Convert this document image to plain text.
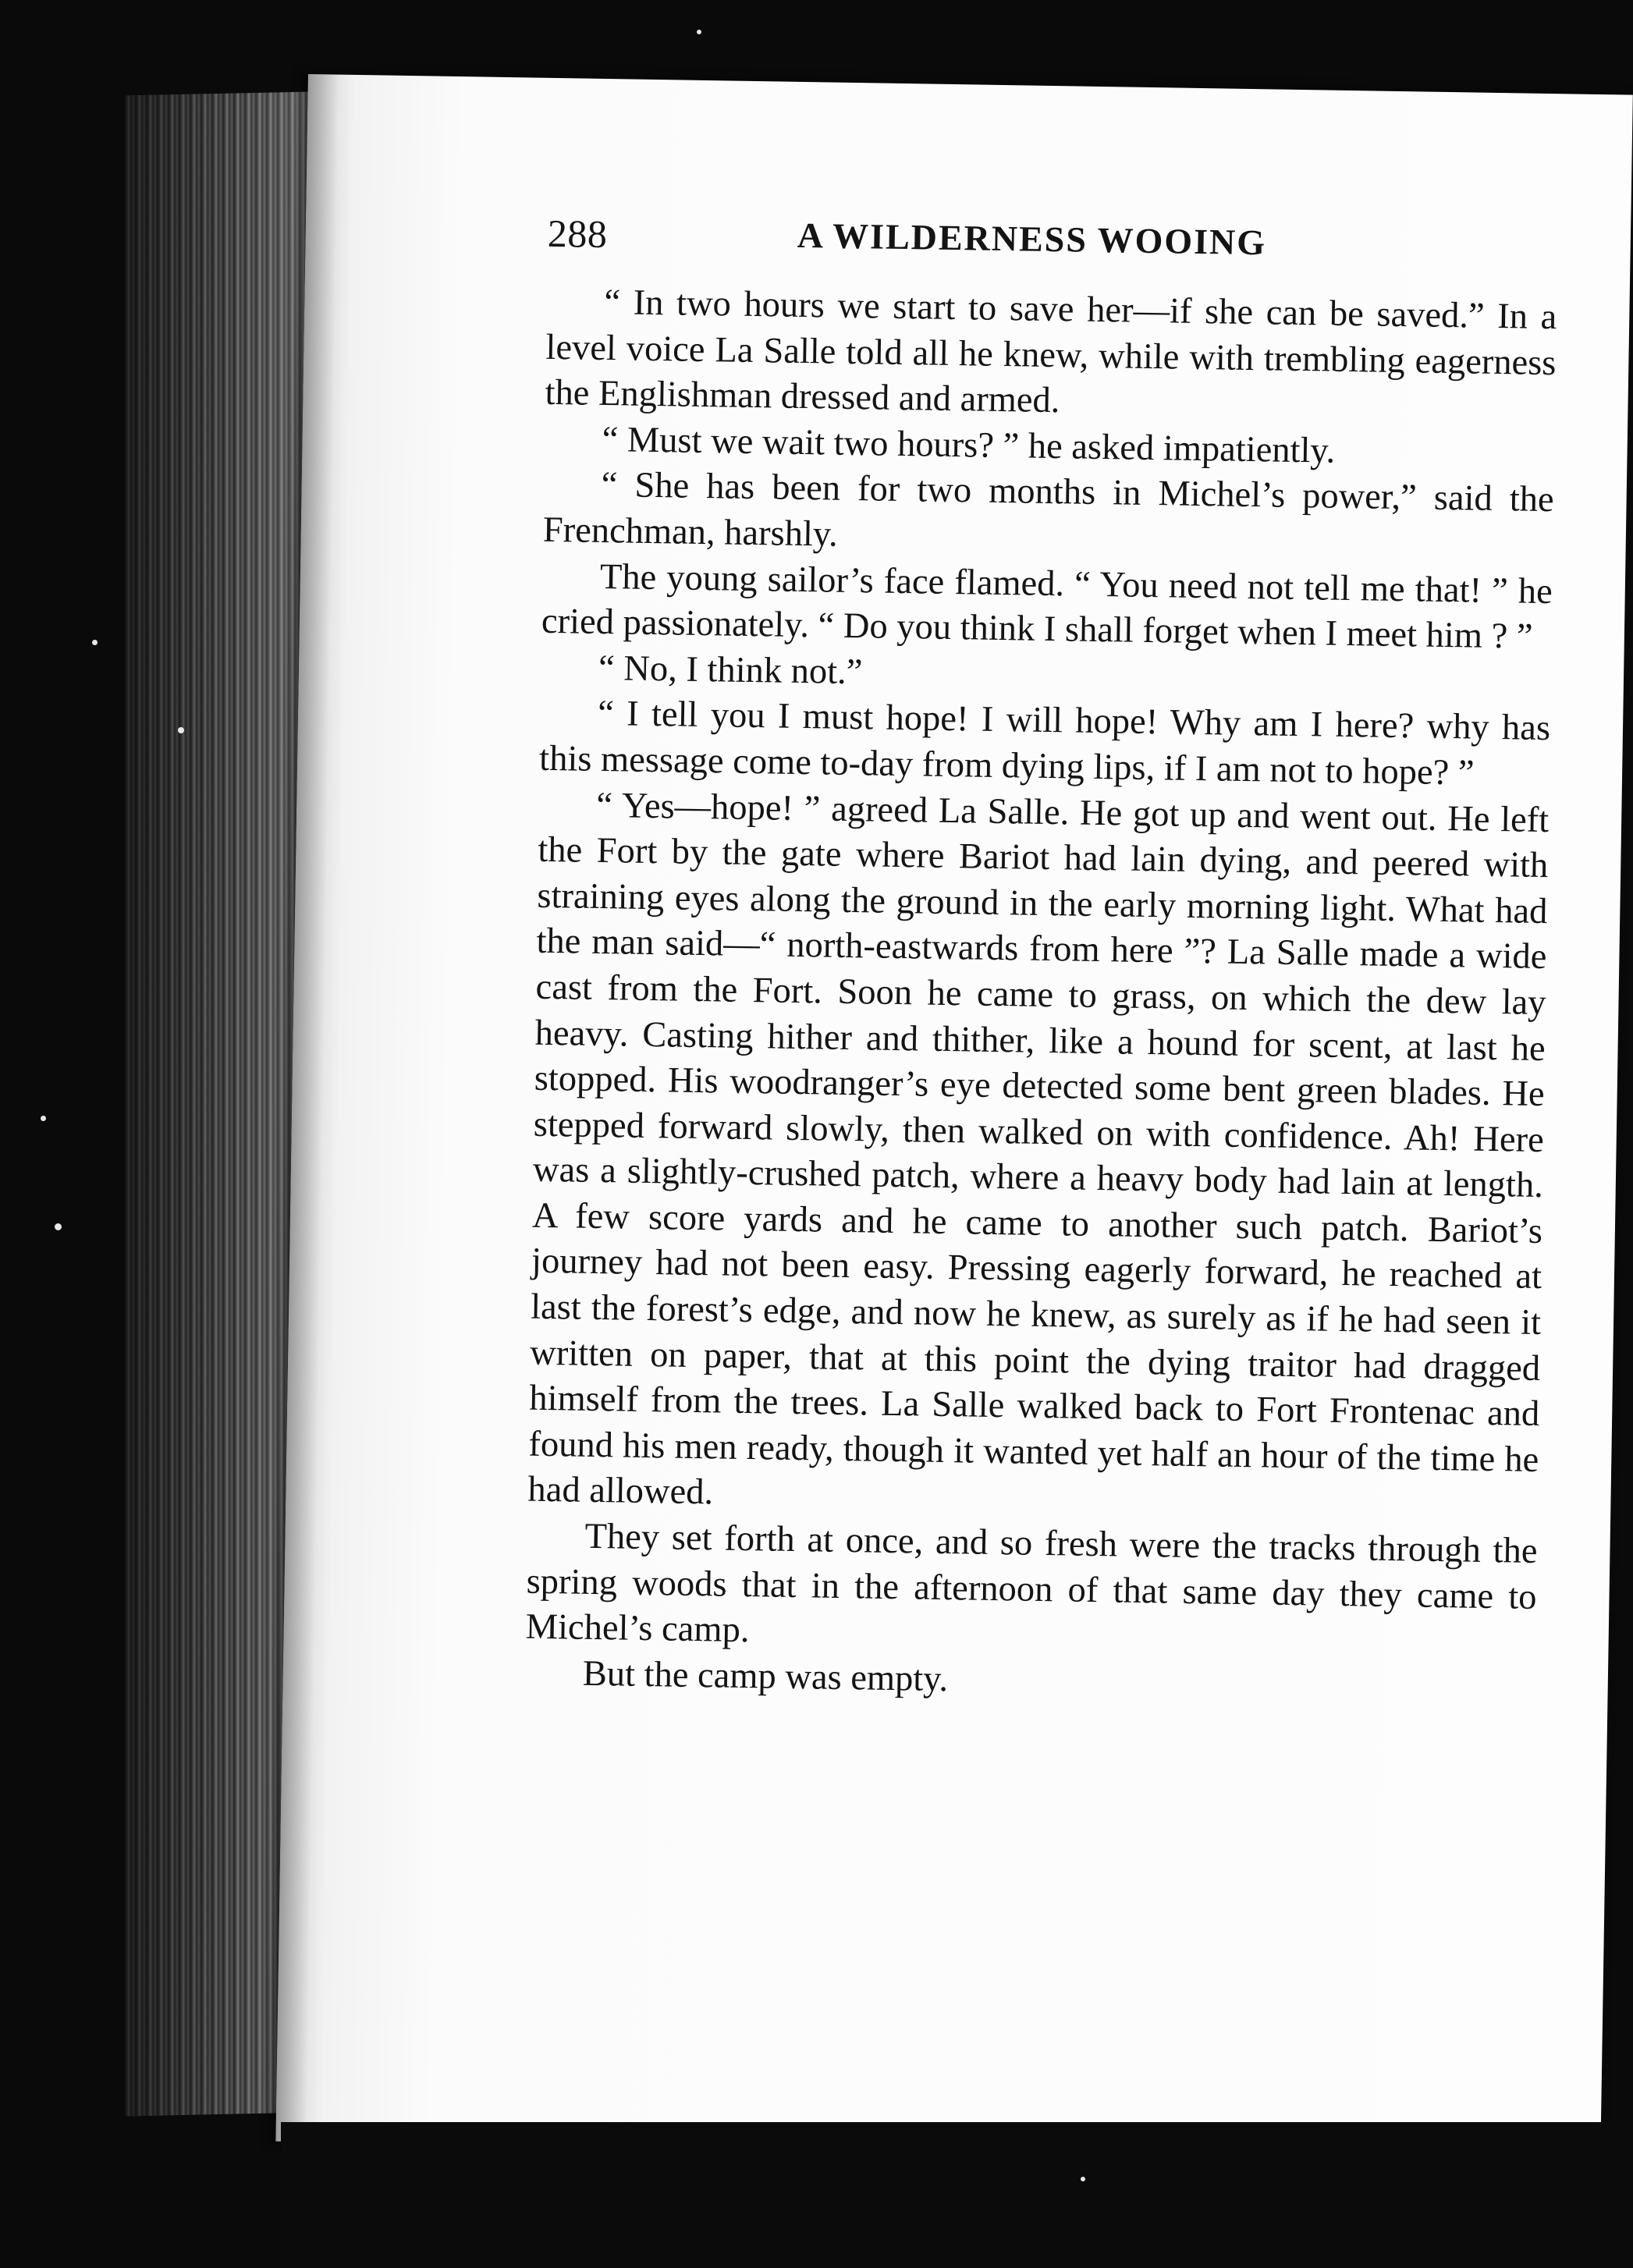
288	A WILDERNESS WOOING

“ In two hours we start to save her—if she can be saved.” In a level voice La Salle told all he knew, while with trembling eagerness the Englishman dressed and armed.

“ Must we wait two hours? ” he asked impatiently.

“ She has been for two months in Michel’s power,” said the Frenchman, harshly.

The young sailor’s face flamed. “ You need not tell me that! ” he cried passionately. “ Do you think I shall forget when I meet him ? ”

“ No, I think not.”

“ I tell you I must hope! I will hope! Why am I here? why has this message come to-day from dying lips, if I am not to hope? ”

“ Yes—hope! ” agreed La Salle. He got up and went out. He left the Fort by the gate where Bariot had lain dying, and peered with straining eyes along the ground in the early morning light. What had the man said—“ north-eastwards from here ”? La Salle made a wide cast from the Fort. Soon he came to grass, on which the dew lay heavy. Casting hither and thither, like a hound for scent, at last he stopped. His woodranger’s eye detected some bent green blades. He stepped forward slowly, then walked on with confidence. Ah! Here was a slightly-crushed patch, where a heavy body had lain at length. A few score yards and he came to another such patch. Bariot’s journey had not been easy. Pressing eagerly forward, he reached at last the forest’s edge, and now he knew, as surely as if he had seen it written on paper, that at this point the dying traitor had dragged himself from the trees. La Salle walked back to Fort Frontenac and found his men ready, though it wanted yet half an hour of the time he had allowed.

They set forth at once, and so fresh were the tracks through the spring woods that in the afternoon of that same day they came to Michel’s camp.

But the camp was empty.
